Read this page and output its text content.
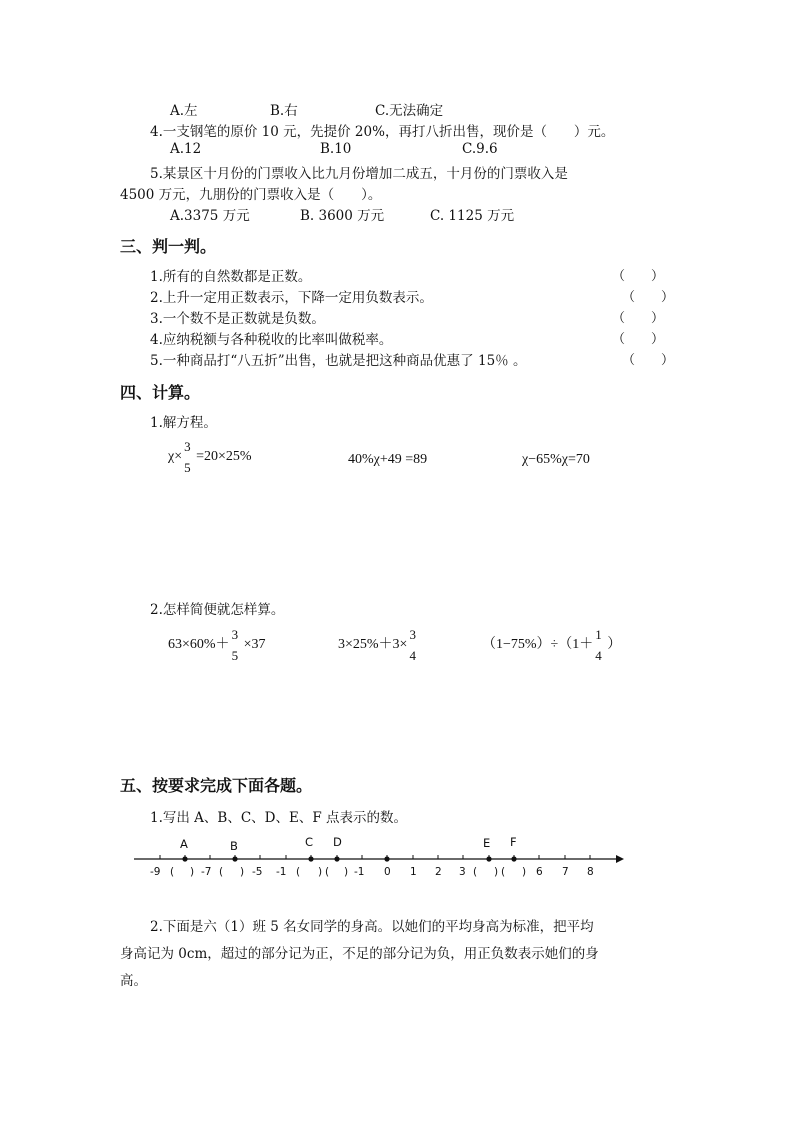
A.左	B.右	C.无法确定
4.一支钢笔的原价 10 元，先提价 20%，再打八折出售，现价是（　　）元。
A.12	B.10	C.9.6
5.某景区十月份的门票收入比九月份增加二成五，十月份的门票收入是
4500 万元，九朋份的门票收入是（　　）。
A.3375 万元	B. 3600 万元	C. 1125 万元
三、判一判。
1.所有的自然数都是正数。	（　　）
2.上升一定用正数表示，下降一定用负数表示。	（　　）
3.一个数不是正数就是负数。	（　　）
4.应纳税额与各种税收的比率叫做税率。	（　　）
5.一种商品打“八五折”出售，也就是把这种商品优惠了 15％ 。	（　　）
四、计算。
1.解方程。
χ×
3
5
=20×25%	40%χ+49 =89	χ−65%χ=70
2.怎样简便就怎样算。
63×60%＋
3
5
×37	3×25%＋3×
3
4
（1−75%）÷（1＋
1
4
）
五、按要求完成下面各题。
1.写出 A、B、C、D、E、F 点表示的数。
A	B	C D	E F
-9 ( ) -7 ( ) -5 -1 ( ) ( ) -1 0 1 2 3 ( ) ( ) 6 7 8
2.下面是六（1）班 5 名女同学的身高。以她们的平均身高为标准，把平均
身高记为 0cm，超过的部分记为正，不足的部分记为负，用正负数表示她们的身
高。
